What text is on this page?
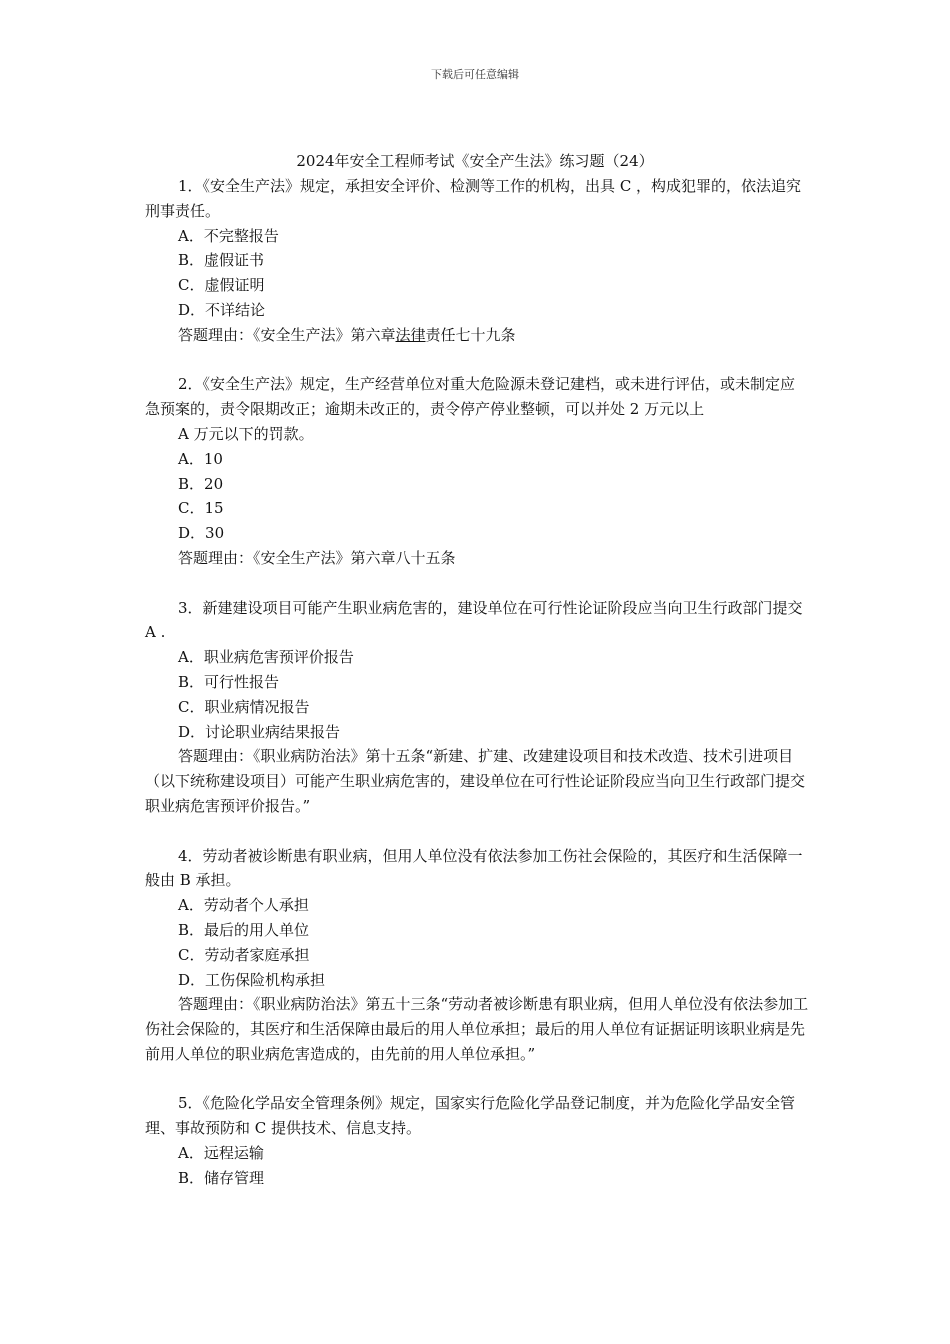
下载后可任意编辑
2024年安全工程师考试《安全产生法》练习题（24）

1．《安全生产法》规定，承担安全评价、检测等工作的机构，出具 C ，构成犯罪的，依法追究刑事责任。

A．不完整报告

B．虚假证书

C．虚假证明

D．不详结论

答题理由：《安全生产法》第六章法律责任七十九条

2．《安全生产法》规定，生产经营单位对重大危险源未登记建档，或未进行评估，或未制定应急预案的，责令限期改正；逾期未改正的，责令停产停业整顿，可以并处 2 万元以上

A 万元以下的罚款。

A．10

B．20

C．15

D．30

答题理由：《安全生产法》第六章八十五条

3．新建建设项目可能产生职业病危害的，建设单位在可行性论证阶段应当向卫生行政部门提交 A .

A．职业病危害预评价报告

B．可行性报告

C．职业病情况报告

D．讨论职业病结果报告

答题理由：《职业病防治法》第十五条“新建、扩建、改建建设项目和技术改造、技术引进项目（以下统称建设项目）可能产生职业病危害的，建设单位在可行性论证阶段应当向卫生行政部门提交职业病危害预评价报告。”

4．劳动者被诊断患有职业病，但用人单位没有依法参加工伤社会保险的，其医疗和生活保障一般由 B 承担。

A．劳动者个人承担

B．最后的用人单位

C．劳动者家庭承担

D．工伤保险机构承担

答题理由：《职业病防治法》第五十三条“劳动者被诊断患有职业病，但用人单位没有依法参加工伤社会保险的，其医疗和生活保障由最后的用人单位承担；最后的用人单位有证据证明该职业病是先前用人单位的职业病危害造成的，由先前的用人单位承担。”

5．《危险化学品安全管理条例》规定，国家实行危险化学品登记制度，并为危险化学品安全管理、事故预防和 C 提供技术、信息支持。

A．远程运输

B．储存管理
